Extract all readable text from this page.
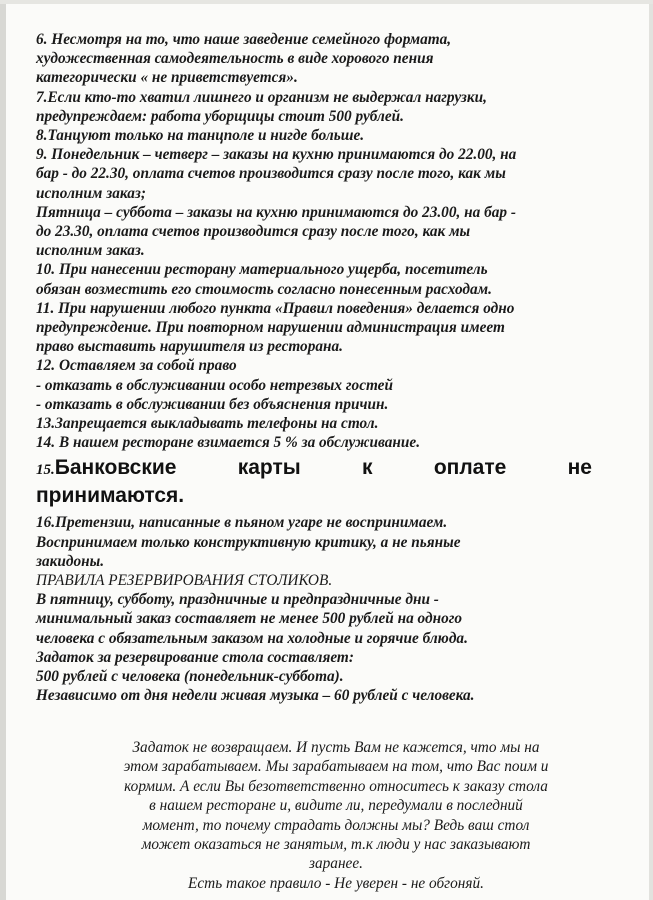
6. Несмотря на то, что наше заведение семейного формата,

художественная самодеятельность в виде хорового пения

категорически « не приветствуется».

7.Если кто-то хватил лишнего и организм не выдержал нагрузки,

предупреждаем: работа уборщицы стоит 500 рублей.

8.Танцуют только на танцполе и нигде больше.

9. Понедельник – четверг – заказы на кухню принимаются до 22.00, на

бар - до 22.30, оплата счетов производится сразу после того, как мы

исполним заказ;

Пятница – суббота – заказы на кухню принимаются до 23.00, на бар -

до 23.30, оплата счетов производится сразу после того, как мы

исполним заказ.

10. При нанесении ресторану материального ущерба, посетитель

обязан возместить его стоимость согласно понесенным расходам.

11. При нарушении любого пункта «Правил поведения» делается одно

предупреждение. При повторном нарушении администрация имеет

право выставить нарушителя из ресторана.

12. Оставляем за собой право

- отказать в обслуживании особо нетрезвых гостей

- отказать в обслуживании без объяснения причин.

13.Запрещается выкладывать телефоны на стол.

14. В нашем ресторане взимается 5 % за обслуживание.

15.Банковские	карты	к	оплате	не
принимаются.

16.Претензии, написанные в пьяном угаре не воспринимаем.

Воспринимаем только конструктивную критику, а не пьяные

закидоны.

ПРАВИЛА РЕЗЕРВИРОВАНИЯ СТОЛИКОВ.

В пятницу, субботу, праздничные и предпраздничные дни -

минимальный заказ составляет не менее 500 рублей на одного

человека с обязательным заказом на холодные и горячие блюда.

Задаток за резервирование стола составляет:

500 рублей с человека (понедельник-суббота).

Независимо от дня недели живая музыка – 60 рублей с человека.

Задаток не возвращаем. И пусть Вам не кажется, что мы на
этом зарабатываем. Мы зарабатываем на том, что Вас поим и
кормим. А если Вы безответственно относитесь к заказу стола
в нашем ресторане и, видите ли, передумали в последний
момент, то почему страдать должны мы? Ведь ваш стол
может оказаться не занятым, т.к люди у нас заказывают
заранее.
Есть такое правило - Не уверен - не обгоняй.
